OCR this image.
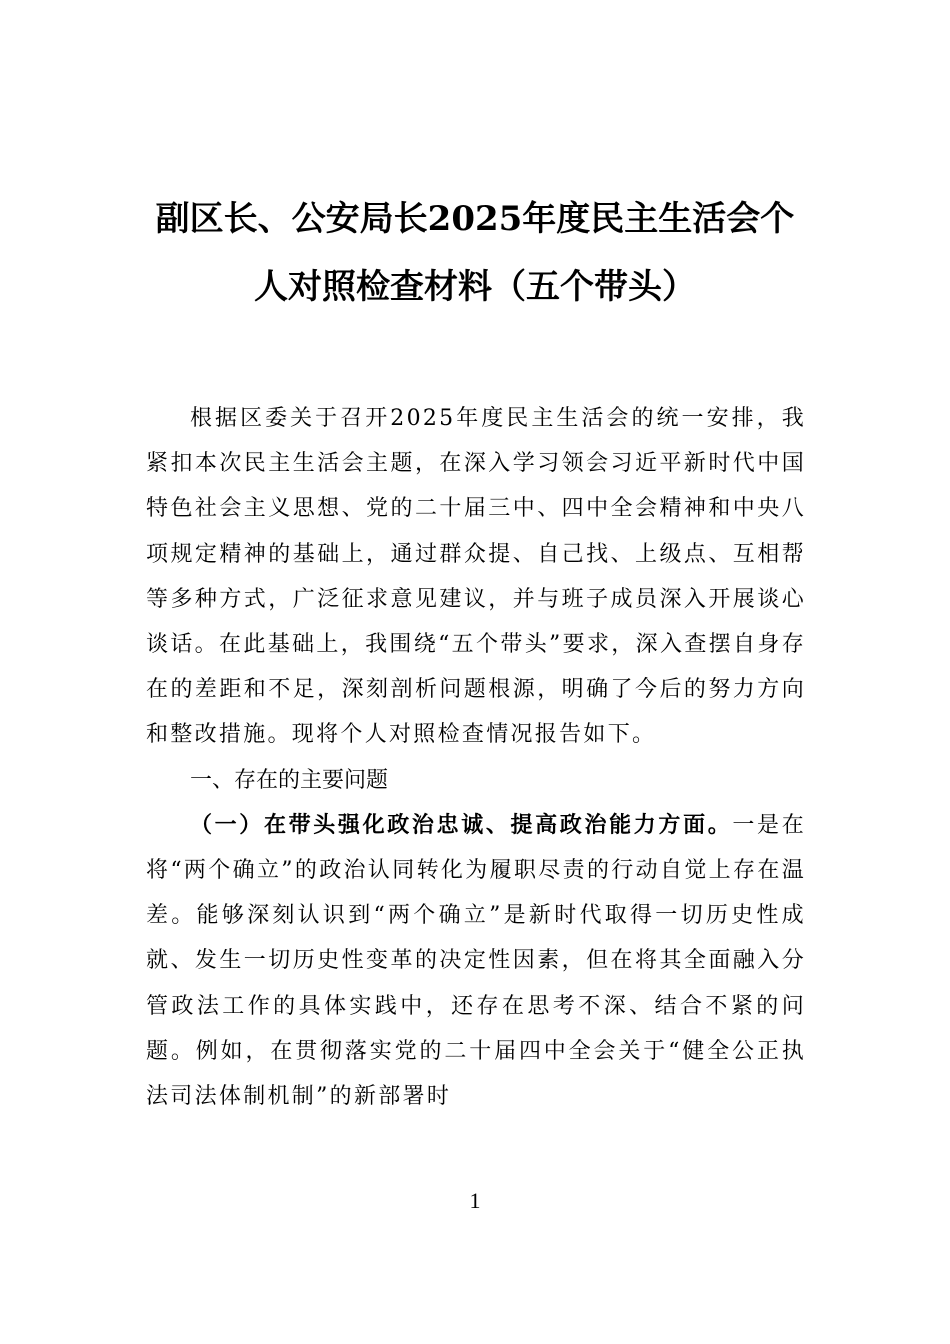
副区长、公安局长2025年度民主生活会个
人对照检查材料（五个带头）

根据区委关于召开2025年度民主生活会的统一安排，我紧扣本次民主生活会主题，在深入学习领会习近平新时代中国特色社会主义思想、党的二十届三中、四中全会精神和中央八项规定精神的基础上，通过群众提、自己找、上级点、互相帮等多种方式，广泛征求意见建议，并与班子成员深入开展谈心谈话。在此基础上，我围绕“五个带头”要求，深入查摆自身存在的差距和不足，深刻剖析问题根源，明确了今后的努力方向和整改措施。现将个人对照检查情况报告如下。

一、存在的主要问题

（一）在带头强化政治忠诚、提高政治能力方面。一是在将“两个确立”的政治认同转化为履职尽责的行动自觉上存在温差。能够深刻认识到“两个确立”是新时代取得一切历史性成就、发生一切历史性变革的决定性因素，但在将其全面融入分管政法工作的具体实践中，还存在思考不深、结合不紧的问题。例如，在贯彻落实党的二十届四中全会关于“健全公正执法司法体制机制”的新部署时

1
